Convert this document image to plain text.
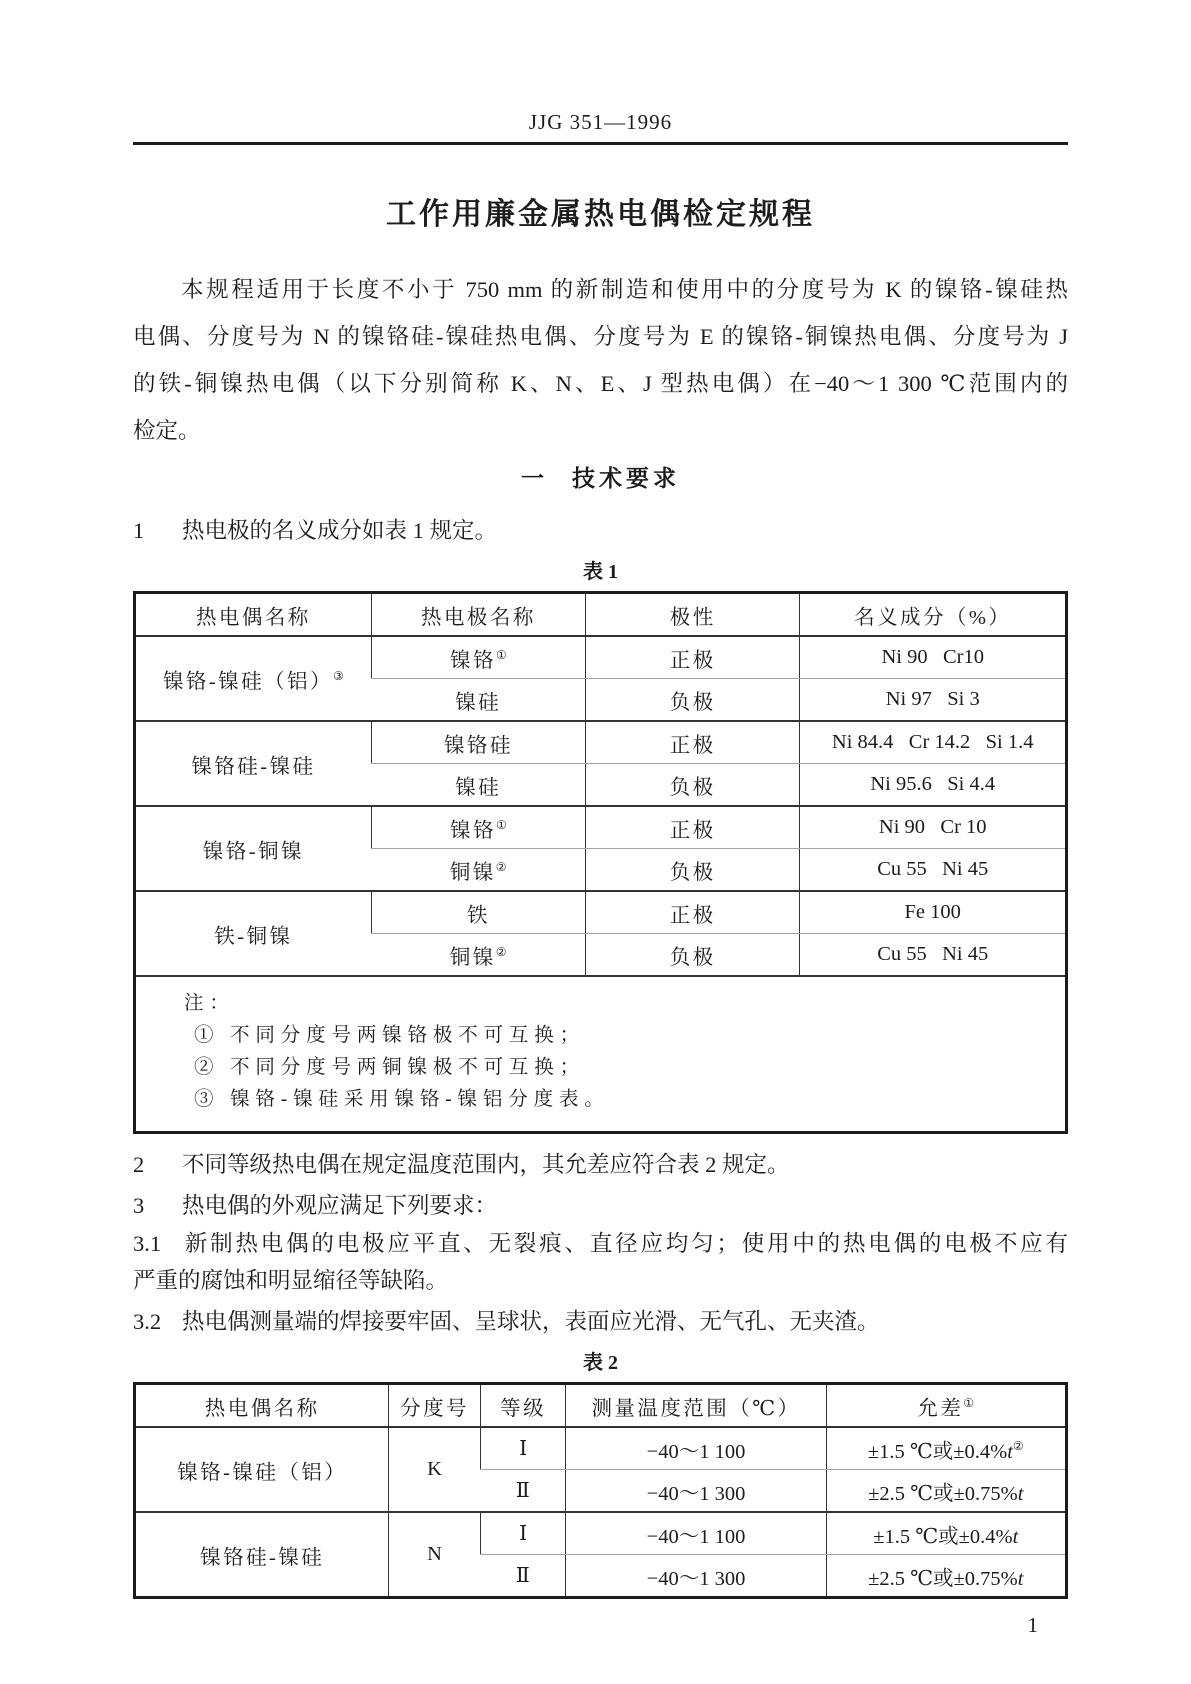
JJG 351—1996
工作用廉金属热电偶检定规程
本规程适用于长度不小于 750 mm 的新制造和使用中的分度号为 K 的镍铬-镍硅热
电偶、分度号为 N 的镍铬硅-镍硅热电偶、分度号为 E 的镍铬-铜镍热电偶、分度号为 J
的铁-铜镍热电偶（以下分别简称 K、N、E、J 型热电偶）在−40～1 300 ℃范围内的
检定。
一 技术要求
1 热电极的名义成分如表 1 规定。
表 1
热电偶名称	热电极名称	极性	名义成分（%）
镍铬-镍硅（铝）③	镍铬①	正极	Ni 90   Cr10
	镍硅	负极	Ni 97   Si 3
镍铬硅-镍硅	镍铬硅	正极	Ni 84.4   Cr 14.2   Si 1.4
	镍硅	负极	Ni 95.6   Si 4.4
镍铬-铜镍	镍铬①	正极	Ni 90   Cr 10
	铜镍②	负极	Cu 55   Ni 45
铁-铜镍	铁	正极	Fe 100
	铜镍②	负极	Cu 55   Ni 45

注：
① 不同分度号两镍铬极不可互换；
② 不同分度号两铜镍极不可互换；
③ 镍铬-镍硅采用镍铬-镍铝分度表。			
2 不同等级热电偶在规定温度范围内，其允差应符合表 2 规定。
3 热电偶的外观应满足下列要求：
3.1 新制热电偶的电极应平直、无裂痕、直径应均匀；使用中的热电偶的电极不应有
严重的腐蚀和明显缩径等缺陷。
3.2 热电偶测量端的焊接要牢固、呈球状，表面应光滑、无气孔、无夹渣。
表 2
热电偶名称	分度号	等级	测量温度范围（℃）	允差①
镍铬-镍硅（铝）	K	Ⅰ	−40～1 100	±1.5 ℃或±0.4%t②
		Ⅱ	−40～1 300	±2.5 ℃或±0.75%t
镍铬硅-镍硅	N	Ⅰ	−40～1 100	±1.5 ℃或±0.4%t
		Ⅱ	−40～1 300	±2.5 ℃或±0.75%t
1
